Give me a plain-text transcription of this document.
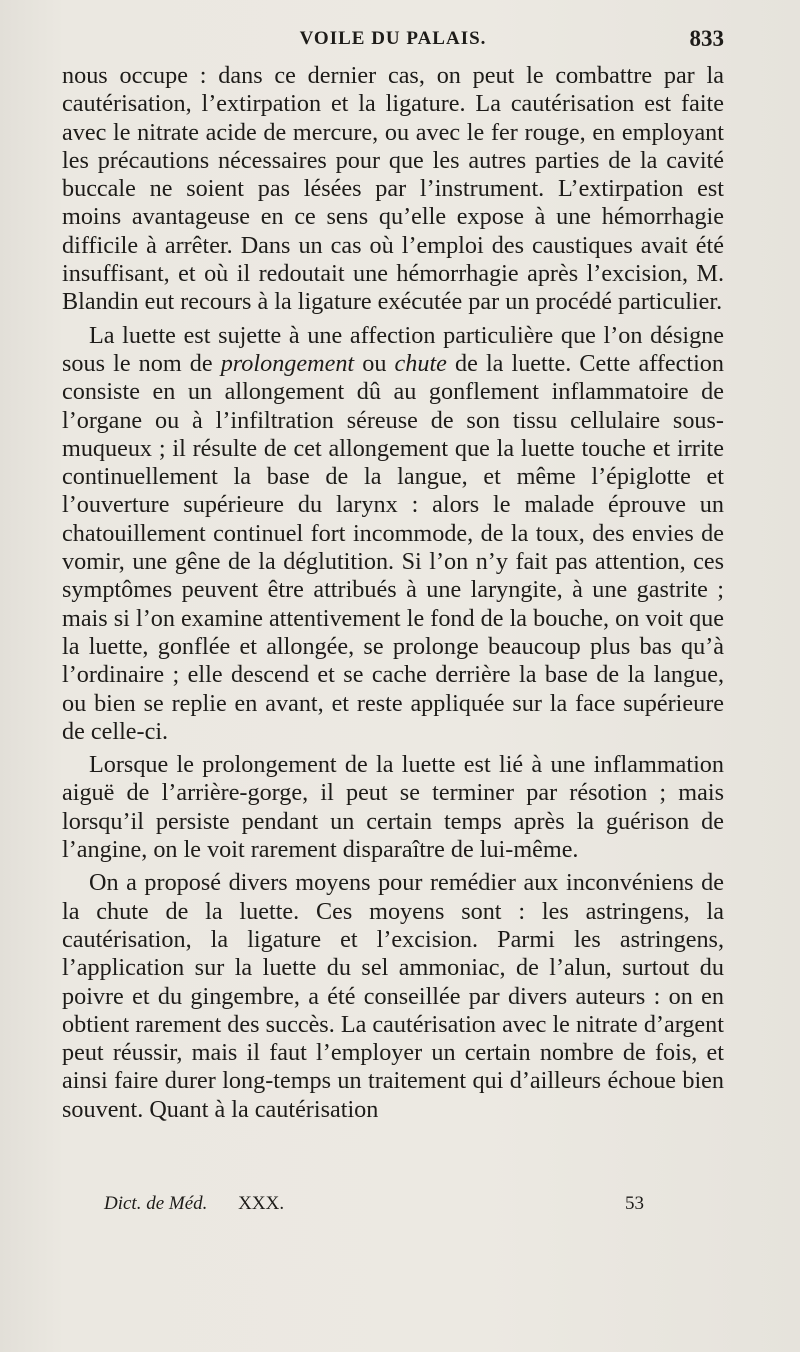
VOILE DU PALAIS.	833

nous occupe : dans ce dernier cas, on peut le combattre par la cautérisation, l’extirpation et la ligature. La cautérisation est faite avec le nitrate acide de mercure, ou avec le fer rouge, en employant les précautions nécessaires pour que les autres parties de la cavité buccale ne soient pas lésées par l’instrument. L’extirpation est moins avantageuse en ce sens qu’elle expose à une hémorrhagie difficile à arrêter. Dans un cas où l’emploi des caustiques avait été insuffisant, et où il redoutait une hémorrhagie après l’excision, M. Blandin eut recours à la ligature exécutée par un procédé particulier.

La luette est sujette à une affection particulière que l’on désigne sous le nom de prolongement ou chute de la luette. Cette affection consiste en un allongement dû au gonflement inflammatoire de l’organe ou à l’infiltration séreuse de son tissu cellulaire sous-muqueux ; il résulte de cet allongement que la luette touche et irrite continuellement la base de la langue, et même l’épiglotte et l’ouverture supérieure du larynx : alors le malade éprouve un chatouillement continuel fort incommode, de la toux, des envies de vomir, une gêne de la déglutition. Si l’on n’y fait pas attention, ces symptômes peuvent être attribués à une laryngite, à une gastrite ; mais si l’on examine attentivement le fond de la bouche, on voit que la luette, gonflée et allongée, se prolonge beaucoup plus bas qu’à l’ordinaire ; elle descend et se cache derrière la base de la langue, ou bien se replie en avant, et reste appliquée sur la face supérieure de celle-ci.

Lorsque le prolongement de la luette est lié à une inflammation aiguë de l’arrière-gorge, il peut se terminer par résotion ; mais lorsqu’il persiste pendant un certain temps après la guérison de l’angine, on le voit rarement disparaître de lui-même.

On a proposé divers moyens pour remédier aux inconvéniens de la chute de la luette. Ces moyens sont : les astringens, la cautérisation, la ligature et l’excision. Parmi les astringens, l’application sur la luette du sel ammoniac, de l’alun, surtout du poivre et du gingembre, a été conseillée par divers auteurs : on en obtient rarement des succès. La cautérisation avec le nitrate d’argent peut réussir, mais il faut l’employer un certain nombre de fois, et ainsi faire durer long-temps un traitement qui d’ailleurs échoue bien souvent. Quant à la cautérisation

Dict. de Méd. XXX.	53
